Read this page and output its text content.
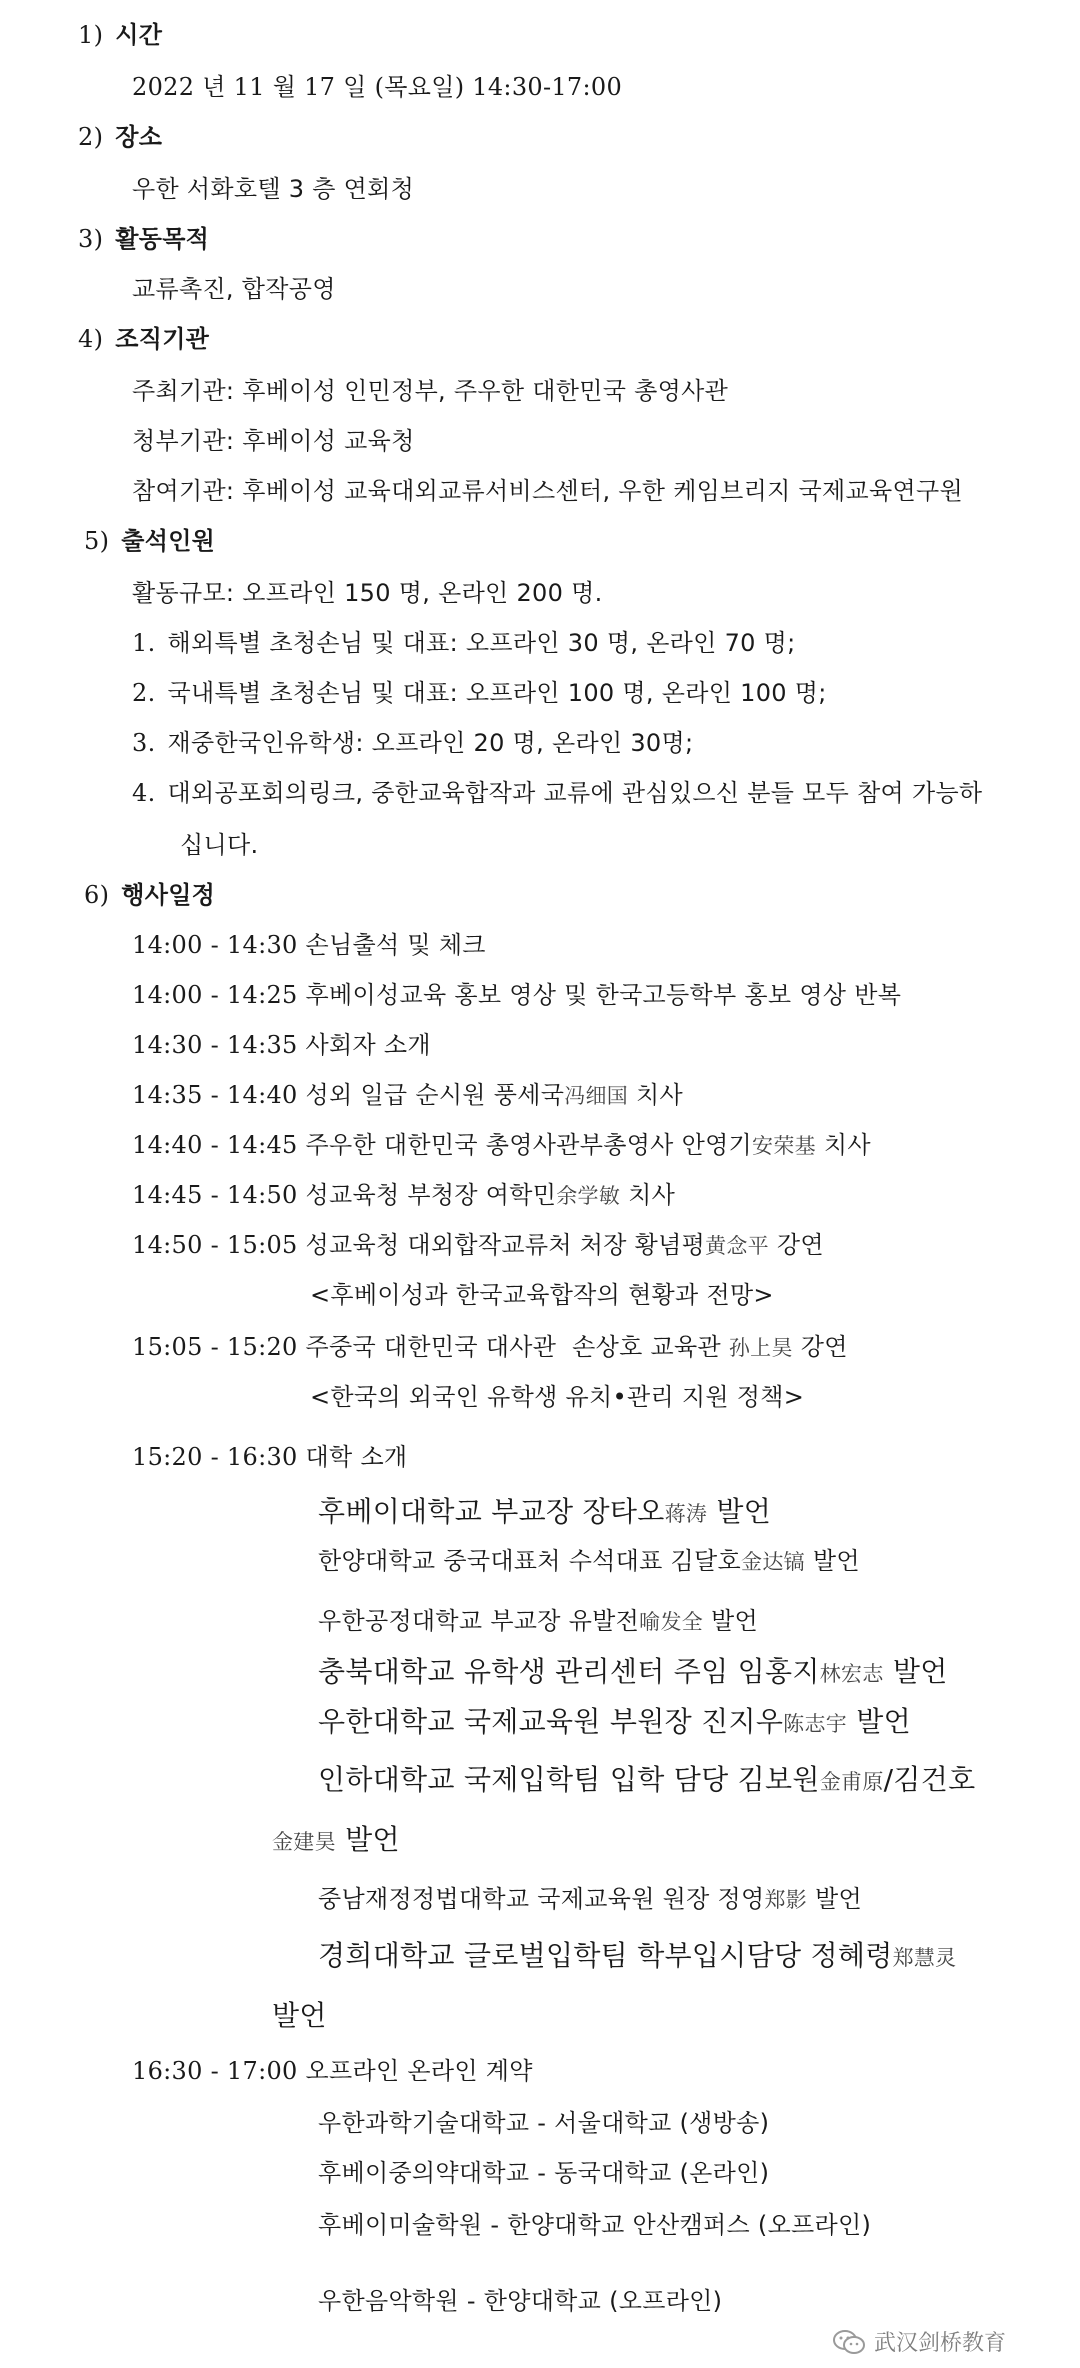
1) 시간
2022 년 11 월 17 일 (목요일) 14:30-17:00
2) 장소
우한 서화호텔 3 층 연회청
3) 활동목적
교류촉진, 합작공영
4) 조직기관
주최기관: 후베이성 인민정부, 주우한 대한민국 총영사관
청부기관: 후베이성 교육청
참여기관: 후베이성 교육대외교류서비스센터, 우한 케임브리지 국제교육연구원
5) 출석인원
활동규모: 오프라인 150 명, 온라인 200 명.
1. 해외특별 초청손님 및 대표: 오프라인 30 명, 온라인 70 명;
2. 국내특별 초청손님 및 대표: 오프라인 100 명, 온라인 100 명;
3. 재중한국인유학생: 오프라인 20 명, 온라인 30명;
4. 대외공포회의링크, 중한교육합작과 교류에 관심있으신 분들 모두 참여 가능하
십니다.
6) 행사일정
14:00 - 14:30 손님출석 및 체크
14:00 - 14:25 후베이성교육 홍보 영상 및 한국고등학부 홍보 영상 반복
14:30 - 14:35 사회자 소개
14:35 - 14:40 성외 일급 순시원 풍세국冯细国 치사
14:40 - 14:45 주우한 대한민국 총영사관부총영사 안영기安荣基 치사
14:45 - 14:50 성교육청 부청장 여학민余学敏 치사
14:50 - 15:05 성교육청 대외합작교류처 처장 황념평黄念平 강연
<후베이성과 한국교육합작의 현황과 전망>
15:05 - 15:20 주중국 대한민국 대사관  손상호 교육관 孙上昊 강연
<한국의 외국인 유학생 유치•관리 지원 정책>
15:20 - 16:30 대학 소개
후베이대학교 부교장 장타오蒋涛 발언
한양대학교 중국대표처 수석대표 김달호金达镐 발언
우한공정대학교 부교장 유발전喻发全 발언
충북대학교 유학생 관리센터 주임 임홍지林宏志 발언
우한대학교 국제교육원 부원장 진지우陈志宇 발언
인하대학교 국제입학팀 입학 담당 김보원金甫原/김건호
金建昊 발언
중남재정정법대학교 국제교육원 원장 정영郑影 발언
경희대학교 글로벌입학팀 학부입시담당 정혜령郑慧灵
발언
16:30 - 17:00 오프라인 온라인 계약
우한과학기술대학교 - 서울대학교 (생방송)
후베이중의약대학교 - 동국대학교 (온라인)
후베이미술학원 - 한양대학교 안산캠퍼스 (오프라인)
우한음악학원 - 한양대학교 (오프라인)
武汉剑桥教育
